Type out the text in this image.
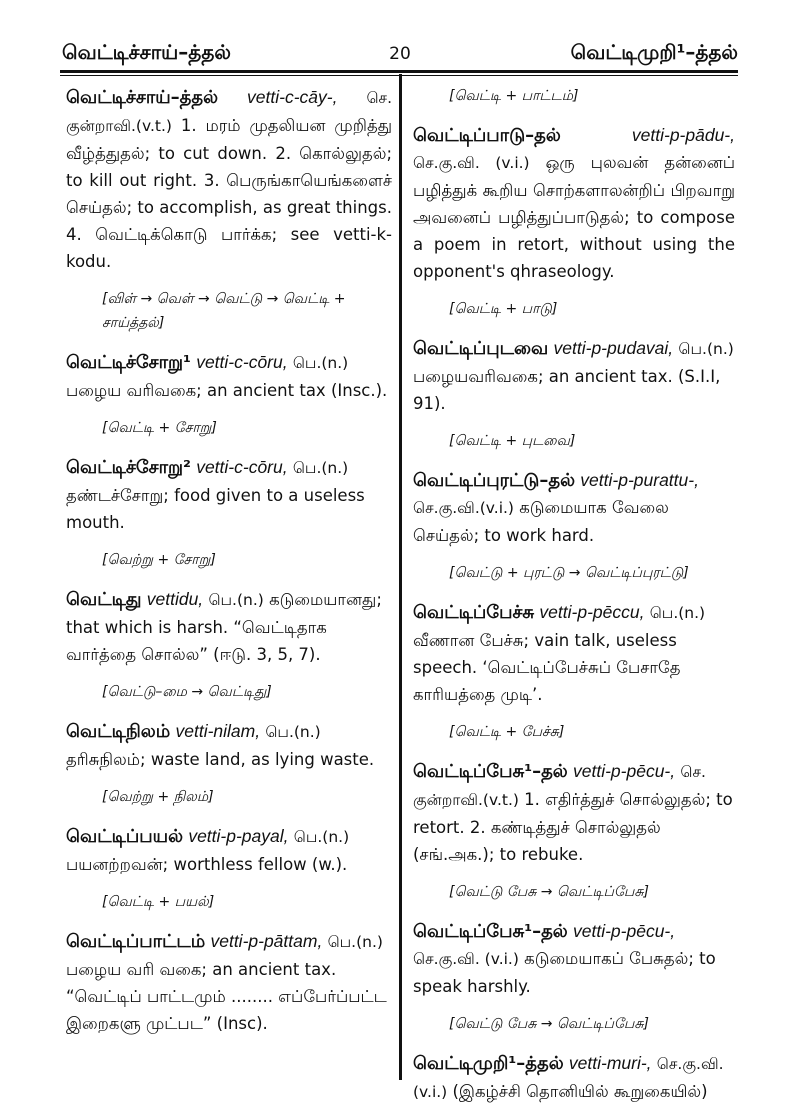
வெட்டிச்சாய்–த்தல்	20	வெட்டிமுறி¹–த்தல்
வெட்டிச்சாய்–த்தல் vetti-c-cāy-, செ. குன்றாவி.(v.t.) 1. மரம் முதலியன முறித்து வீழ்த்துதல்; to cut down. 2. கொல்லுதல்; to kill out right. 3. பெருங்காயெங்களைச் செய்தல்; to accomplish, as great things. 4. வெட்டிக்கொடு பார்க்க; see vetti-k-kodu.
[விள் → வெள் → வெட்டு → வெட்டி + சாய்த்தல்]
வெட்டிச்சோறு¹ vetti-c-cōru, பெ.(n.) பழைய வரிவகை; an ancient tax (Insc.).
[வெட்டி + சோறு]
வெட்டிச்சோறு² vetti-c-cōru, பெ.(n.) தண்டச்சோறு; food given to a useless mouth.
[வெற்று + சோறு]
வெட்டிது vettidu, பெ.(n.) கடுமையானது; that which is harsh. “வெட்டிதாக வார்த்தை சொல்ல” (ஈடு. 3, 5, 7).
[வெட்டு–மை → வெட்டிது]
வெட்டிநிலம் vetti-nilam, பெ.(n.) தரிசுநிலம்; waste land, as lying waste.
[வெற்று + நிலம்]
வெட்டிப்பயல் vetti-p-payal, பெ.(n.) பயனற்றவன்; worthless fellow (w.).
[வெட்டி + பயல்]
வெட்டிப்பாட்டம் vetti-p-pāttam, பெ.(n.) பழைய வரி வகை; an ancient tax. “வெட்டிப் பாட்டமும் ........ எப்பேர்ப்பட்ட இறைகளு முட்பட” (Insc).
[வெட்டி + பாட்டம்]
வெட்டிப்பாடு–தல்	vetti-p-pādu-, செ.கு.வி. (v.i.) ஒரு புலவன் தன்னைப் பழித்துக் கூறிய சொற்களாலன்றிப் பிறவாறு அவனைப் பழித்துப்பாடுதல்; to compose a poem in retort, without using the opponent's qhraseology.
[வெட்டி + பாடு]
வெட்டிப்புடவை vetti-p-pudavai, பெ.(n.) பழையவரிவகை; an ancient tax. (S.I.I, 91).
[வெட்டி + புடவை]
வெட்டிப்புரட்டு–தல் vetti-p-purattu-, செ.கு.வி.(v.i.) கடுமையாக வேலை செய்தல்; to work hard.
[வெட்டு + புரட்டு → வெட்டிப்புரட்டு]
வெட்டிப்பேச்சு vetti-p-pēccu, பெ.(n.) வீணான பேச்சு; vain talk, useless speech. ‘வெட்டிப்பேச்சுப் பேசாதே காரியத்தை முடி’.
[வெட்டி + பேச்சு]
வெட்டிப்பேசு¹–தல் vetti-p-pēcu-, செ. குன்றாவி.(v.t.) 1. எதிர்த்துச் சொல்லுதல்; to retort. 2. கண்டித்துச் சொல்லுதல் (சங்.அக.); to rebuke.
[வெட்டு பேசு → வெட்டிப்பேசு]
வெட்டிப்பேசு¹–தல் vetti-p-pēcu-, செ.கு.வி. (v.i.) கடுமையாகப் பேசுதல்; to speak harshly.
[வெட்டு பேசு → வெட்டிப்பேசு]
வெட்டிமுறி¹–த்தல் vetti-muri-, செ.கு.வி. (v.i.) (இகழ்ச்சி தொனியில் கூறுகையில்)
